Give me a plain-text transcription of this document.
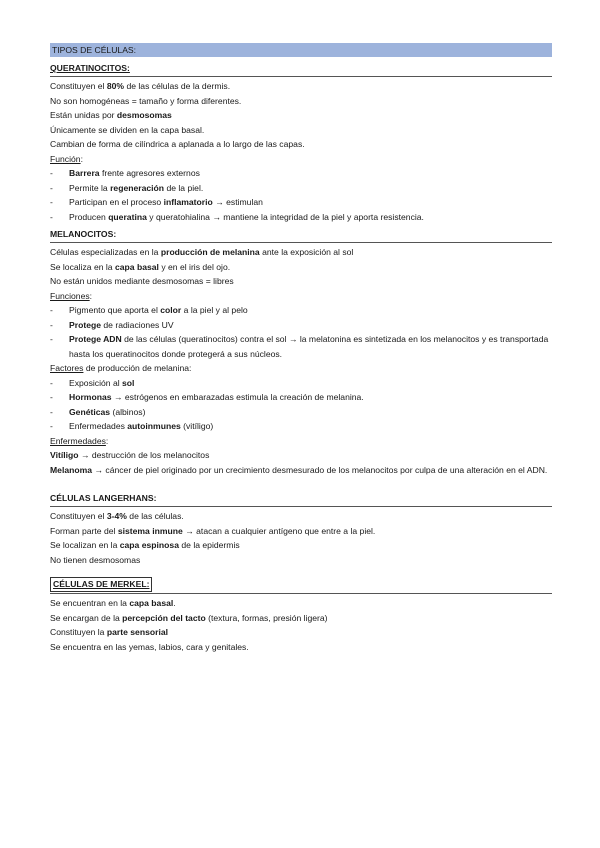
TIPOS DE CÉLULAS:
QUERATINOCITOS:
Constituyen el 80% de las células de la dermis.
No son homogéneas = tamaño y forma diferentes.
Están unidas por desmosomas
Únicamente se dividen en la capa basal.
Cambian de forma de cilíndrica a aplanada a lo largo de las capas.
Función:
- Barrera frente agresores externos
- Permite la regeneración de la piel.
- Participan en el proceso inflamatorio → estimulan
- Producen queratina y queratohialina → mantiene la integridad de la piel y aporta resistencia.
MELANOCITOS:
Células especializadas en la producción de melanina ante la exposición al sol
Se localiza en la capa basal y en el iris del ojo.
No están unidos mediante desmosomas = libres
Funciones:
- Pigmento que aporta el color a la piel y al pelo
- Protege de radiaciones UV
- Protege ADN de las células (queratinocitos) contra el sol → la melatonina es sintetizada en los melanocitos y es transportada hasta los queratinocitos donde protegerá a sus núcleos.
Factores de producción de melanina:
- Exposición al sol
- Hormonas → estrógenos en embarazadas estimula la creación de melanina.
- Genéticas (albinos)
- Enfermedades autoinmunes (vitíligo)
Enfermedades:
Vitíligo → destrucción de los melanocitos
Melanoma → cáncer de piel originado por un crecimiento desmesurado de los melanocitos por culpa de una alteración en el ADN.
CÉLULAS LANGERHANS:
Constituyen el 3-4% de las células.
Forman parte del sistema inmune → atacan a cualquier antígeno que entre a la piel.
Se localizan en la capa espinosa de la epidermis
No tienen desmosomas
CÉLULAS DE MERKEL:
Se encuentran en la capa basal.
Se encargan de la percepción del tacto (textura, formas, presión ligera)
Constituyen la parte sensorial
Se encuentra en las yemas, labios, cara y genitales.
